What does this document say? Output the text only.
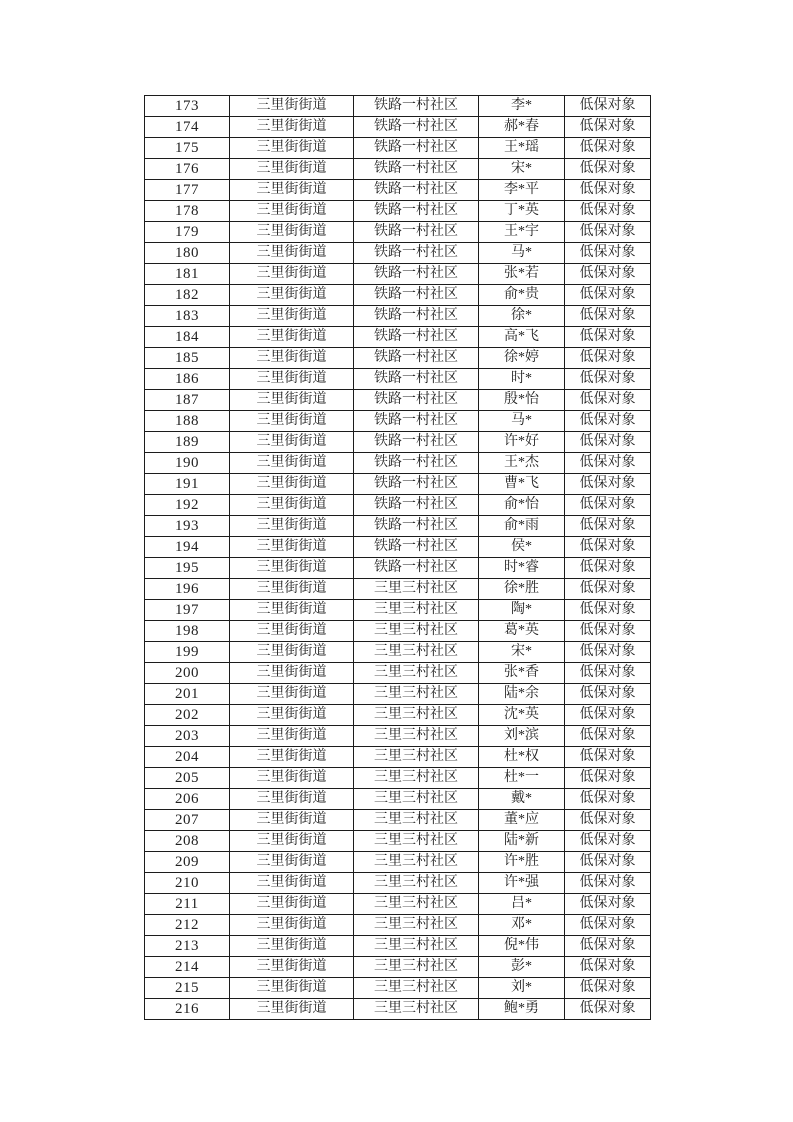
173	三里街街道	铁路一村社区	李*	低保对象
174	三里街街道	铁路一村社区	郝*春	低保对象
175	三里街街道	铁路一村社区	王*瑶	低保对象
176	三里街街道	铁路一村社区	宋*	低保对象
177	三里街街道	铁路一村社区	李*平	低保对象
178	三里街街道	铁路一村社区	丁*英	低保对象
179	三里街街道	铁路一村社区	王*宇	低保对象
180	三里街街道	铁路一村社区	马*	低保对象
181	三里街街道	铁路一村社区	张*若	低保对象
182	三里街街道	铁路一村社区	俞*贵	低保对象
183	三里街街道	铁路一村社区	徐*	低保对象
184	三里街街道	铁路一村社区	高*飞	低保对象
185	三里街街道	铁路一村社区	徐*婷	低保对象
186	三里街街道	铁路一村社区	时*	低保对象
187	三里街街道	铁路一村社区	殷*怡	低保对象
188	三里街街道	铁路一村社区	马*	低保对象
189	三里街街道	铁路一村社区	许*好	低保对象
190	三里街街道	铁路一村社区	王*杰	低保对象
191	三里街街道	铁路一村社区	曹*飞	低保对象
192	三里街街道	铁路一村社区	俞*怡	低保对象
193	三里街街道	铁路一村社区	俞*雨	低保对象
194	三里街街道	铁路一村社区	侯*	低保对象
195	三里街街道	铁路一村社区	时*睿	低保对象
196	三里街街道	三里三村社区	徐*胜	低保对象
197	三里街街道	三里三村社区	陶*	低保对象
198	三里街街道	三里三村社区	葛*英	低保对象
199	三里街街道	三里三村社区	宋*	低保对象
200	三里街街道	三里三村社区	张*香	低保对象
201	三里街街道	三里三村社区	陆*余	低保对象
202	三里街街道	三里三村社区	沈*英	低保对象
203	三里街街道	三里三村社区	刘*滨	低保对象
204	三里街街道	三里三村社区	杜*权	低保对象
205	三里街街道	三里三村社区	杜*一	低保对象
206	三里街街道	三里三村社区	戴*	低保对象
207	三里街街道	三里三村社区	董*应	低保对象
208	三里街街道	三里三村社区	陆*新	低保对象
209	三里街街道	三里三村社区	许*胜	低保对象
210	三里街街道	三里三村社区	许*强	低保对象
211	三里街街道	三里三村社区	吕*	低保对象
212	三里街街道	三里三村社区	邓*	低保对象
213	三里街街道	三里三村社区	倪*伟	低保对象
214	三里街街道	三里三村社区	彭*	低保对象
215	三里街街道	三里三村社区	刘*	低保对象
216	三里街街道	三里三村社区	鲍*勇	低保对象
